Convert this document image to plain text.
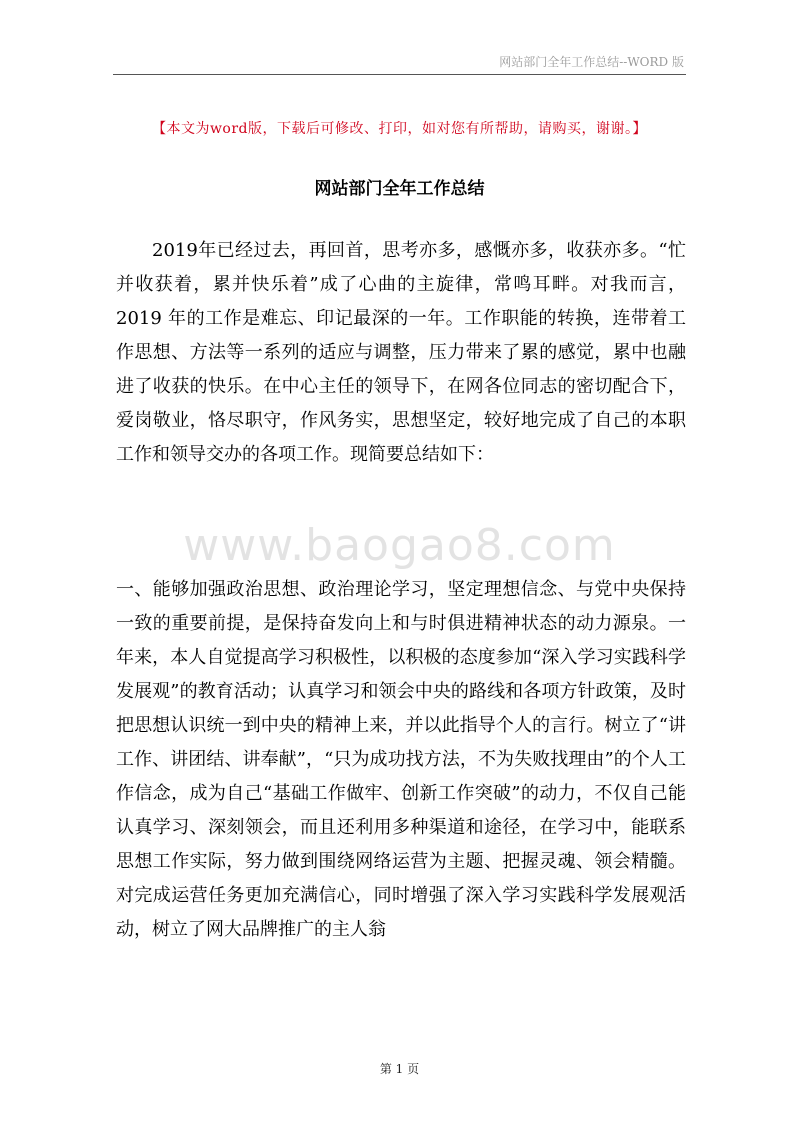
网站部门全年工作总结--WORD 版
【本文为word版，下载后可修改、打印，如对您有所帮助，请购买，谢谢。】
网站部门全年工作总结

2019年已经过去，再回首，思考亦多，感慨亦多，收获亦多。“忙并收获着，累并快乐着”成了心曲的主旋律，常鸣耳畔。对我而言，2019 年的工作是难忘、印记最深的一年。工作职能的转换，连带着工作思想、方法等一系列的适应与调整，压力带来了累的感觉，累中也融进了收获的快乐。在中心主任的领导下，在网各位同志的密切配合下，爱岗敬业，恪尽职守，作风务实，思想坚定，较好地完成了自己的本职工作和领导交办的各项工作。现简要总结如下：

www.baogao8.com

一、能够加强政治思想、政治理论学习，坚定理想信念、与党中央保持一致的重要前提，是保持奋发向上和与时俱进精神状态的动力源泉。一年来，本人自觉提高学习积极性，以积极的态度参加“深入学习实践科学发展观”的教育活动；认真学习和领会中央的路线和各项方针政策，及时把思想认识统一到中央的精神上来，并以此指导个人的言行。树立了“讲工作、讲团结、讲奉献”，“只为成功找方法，不为失败找理由”的个人工作信念，成为自己“基础工作做牢、创新工作突破”的动力，不仅自己能认真学习、深刻领会，而且还利用多种渠道和途径，在学习中，能联系思想工作实际，努力做到围绕网络运营为主题、把握灵魂、领会精髓。对完成运营任务更加充满信心，同时增强了深入学习实践科学发展观活动，树立了网大品牌推广的主人翁

第 1 页
